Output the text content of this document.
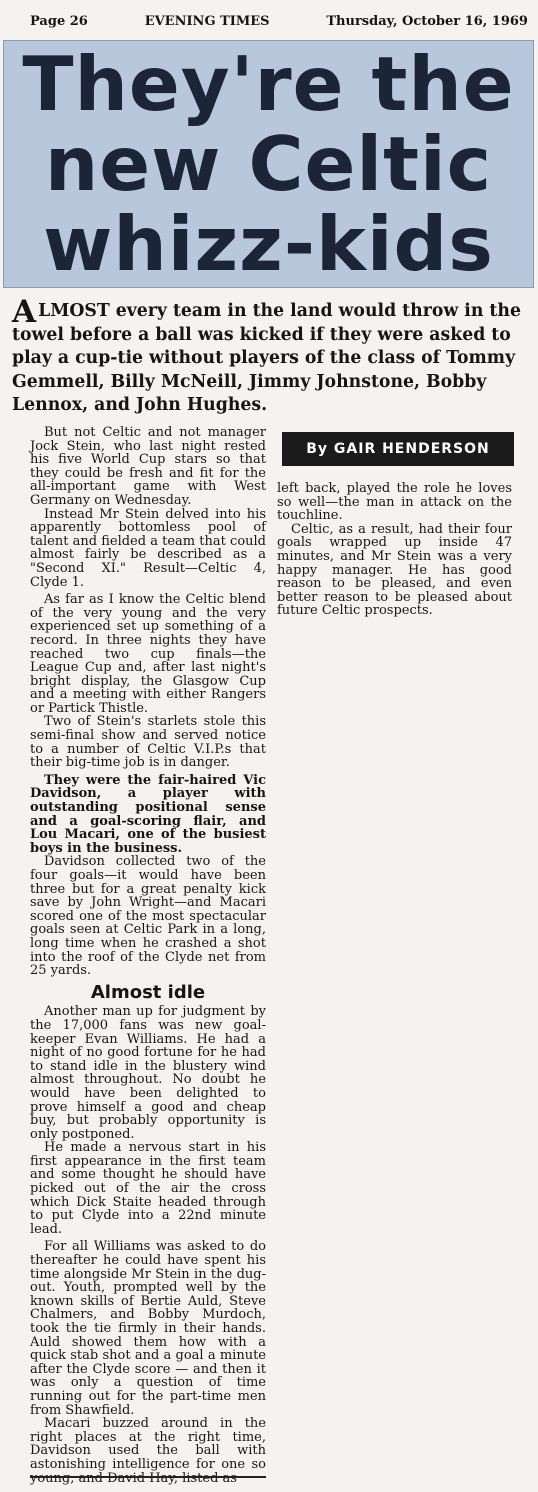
Page 26	EVENING TIMES	Thursday, October 16, 1969
They're the
new Celtic
whizz-kids

ALMOST every team in the land would throw in the towel before a ball was kicked if they were asked to play a cup-tie without players of the class of Tommy Gemmell, Billy McNeill, Jimmy Johnstone, Bobby Lennox, and John Hughes.

By GAIR HENDERSON

But not Celtic and not manager Jock Stein, who last night rested his five World Cup stars so that they could be fresh and fit for the all-important game with West Germany on Wednesday.

Instead Mr Stein delved into his apparently bottomless pool of talent and fielded a team that could almost fairly be described as a "Second XI." Result—Celtic 4, Clyde 1.

As far as I know the Celtic blend of the very young and the very experienced set up something of a record. In three nights they have reached two cup finals—the League Cup and, after last night's bright display, the Glasgow Cup and a meeting with either Rangers or Partick Thistle.

Two of Stein's starlets stole this semi-final show and served notice to a number of Celtic V.I.P.s that their big-time job is in danger.

They were the fair-haired Vic Davidson, a player with outstanding positional sense and a goal-scoring flair, and Lou Macari, one of the busiest boys in the business.

Davidson collected two of the four goals—it would have been three but for a great penalty kick save by John Wright—and Macari scored one of the most spectacular goals seen at Celtic Park in a long, long time when he crashed a shot into the roof of the Clyde net from 25 yards.

Almost idle

Another man up for judgment by the 17,000 fans was new goal-keeper Evan Williams. He had a night of no good fortune for he had to stand idle in the blustery wind almost throughout. No doubt he would have been delighted to prove himself a good and cheap buy, but probably opportunity is only postponed.

He made a nervous start in his first appearance in the first team and some thought he should have picked out of the air the cross which Dick Staite headed through to put Clyde into a 22nd minute lead.

For all Williams was asked to do thereafter he could have spent his time alongside Mr Stein in the dug-out. Youth, prompted well by the known skills of Bertie Auld, Steve Chalmers, and Bobby Murdoch, took the tie firmly in their hands. Auld showed them how with a quick stab shot and a goal a minute after the Clyde score — and then it was only a question of time running out for the part-time men from Shawfield.

Macari buzzed around in the right places at the right time, Davidson used the ball with astonishing intelligence for one so young, and David Hay, listed as

left back, played the role he loves so well—the man in attack on the touchline.

Celtic, as a result, had their four goals wrapped up inside 47 minutes, and Mr Stein was a very happy manager. He has good reason to be pleased, and even better reason to be pleased about future Celtic prospects.
